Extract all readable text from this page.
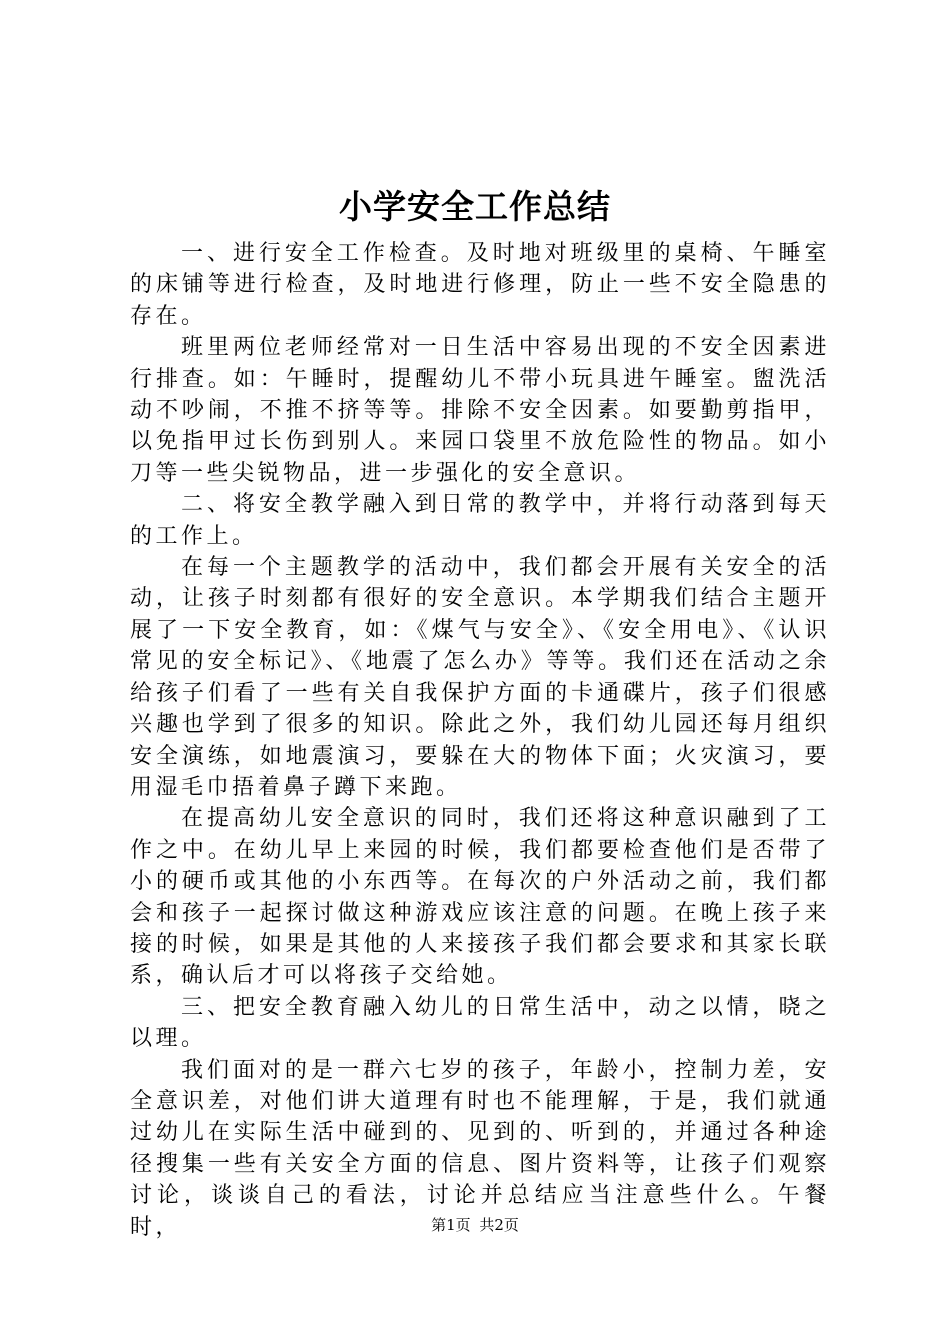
小学安全工作总结

一、进行安全工作检查。及时地对班级里的桌椅、午睡室的床铺等进行检查，及时地进行修理，防止一些不安全隐患的存在。

班里两位老师经常对一日生活中容易出现的不安全因素进行排查。如：午睡时，提醒幼儿不带小玩具进午睡室。盥洗活动不吵闹，不推不挤等等。排除不安全因素。如要勤剪指甲，以免指甲过长伤到别人。来园口袋里不放危险性的物品。如小刀等一些尖锐物品，进一步强化的安全意识。

二、将安全教学融入到日常的教学中，并将行动落到每天的工作上。

在每一个主题教学的活动中，我们都会开展有关安全的活动，让孩子时刻都有很好的安全意识。本学期我们结合主题开展了一下安全教育，如：《煤气与安全》、《安全用电》、《认识常见的安全标记》、《地震了怎么办》等等。我们还在活动之余给孩子们看了一些有关自我保护方面的卡通碟片，孩子们很感兴趣也学到了很多的知识。除此之外，我们幼儿园还每月组织安全演练，如地震演习，要躲在大的物体下面；火灾演习，要用湿毛巾捂着鼻子蹲下来跑。

在提高幼儿安全意识的同时，我们还将这种意识融到了工作之中。在幼儿早上来园的时候，我们都要检查他们是否带了小的硬币或其他的小东西等。在每次的户外活动之前，我们都会和孩子一起探讨做这种游戏应该注意的问题。在晚上孩子来接的时候，如果是其他的人来接孩子我们都会要求和其家长联系，确认后才可以将孩子交给她。

三、把安全教育融入幼儿的日常生活中，动之以情，晓之以理。

我们面对的是一群六七岁的孩子，年龄小，控制力差，安全意识差，对他们讲大道理有时也不能理解，于是，我们就通过幼儿在实际生活中碰到的、见到的、听到的，并通过各种途径搜集一些有关安全方面的信息、图片资料等，让孩子们观察讨论，谈谈自己的看法，讨论并总结应当注意些什么。午餐时，	第1页 共2页
